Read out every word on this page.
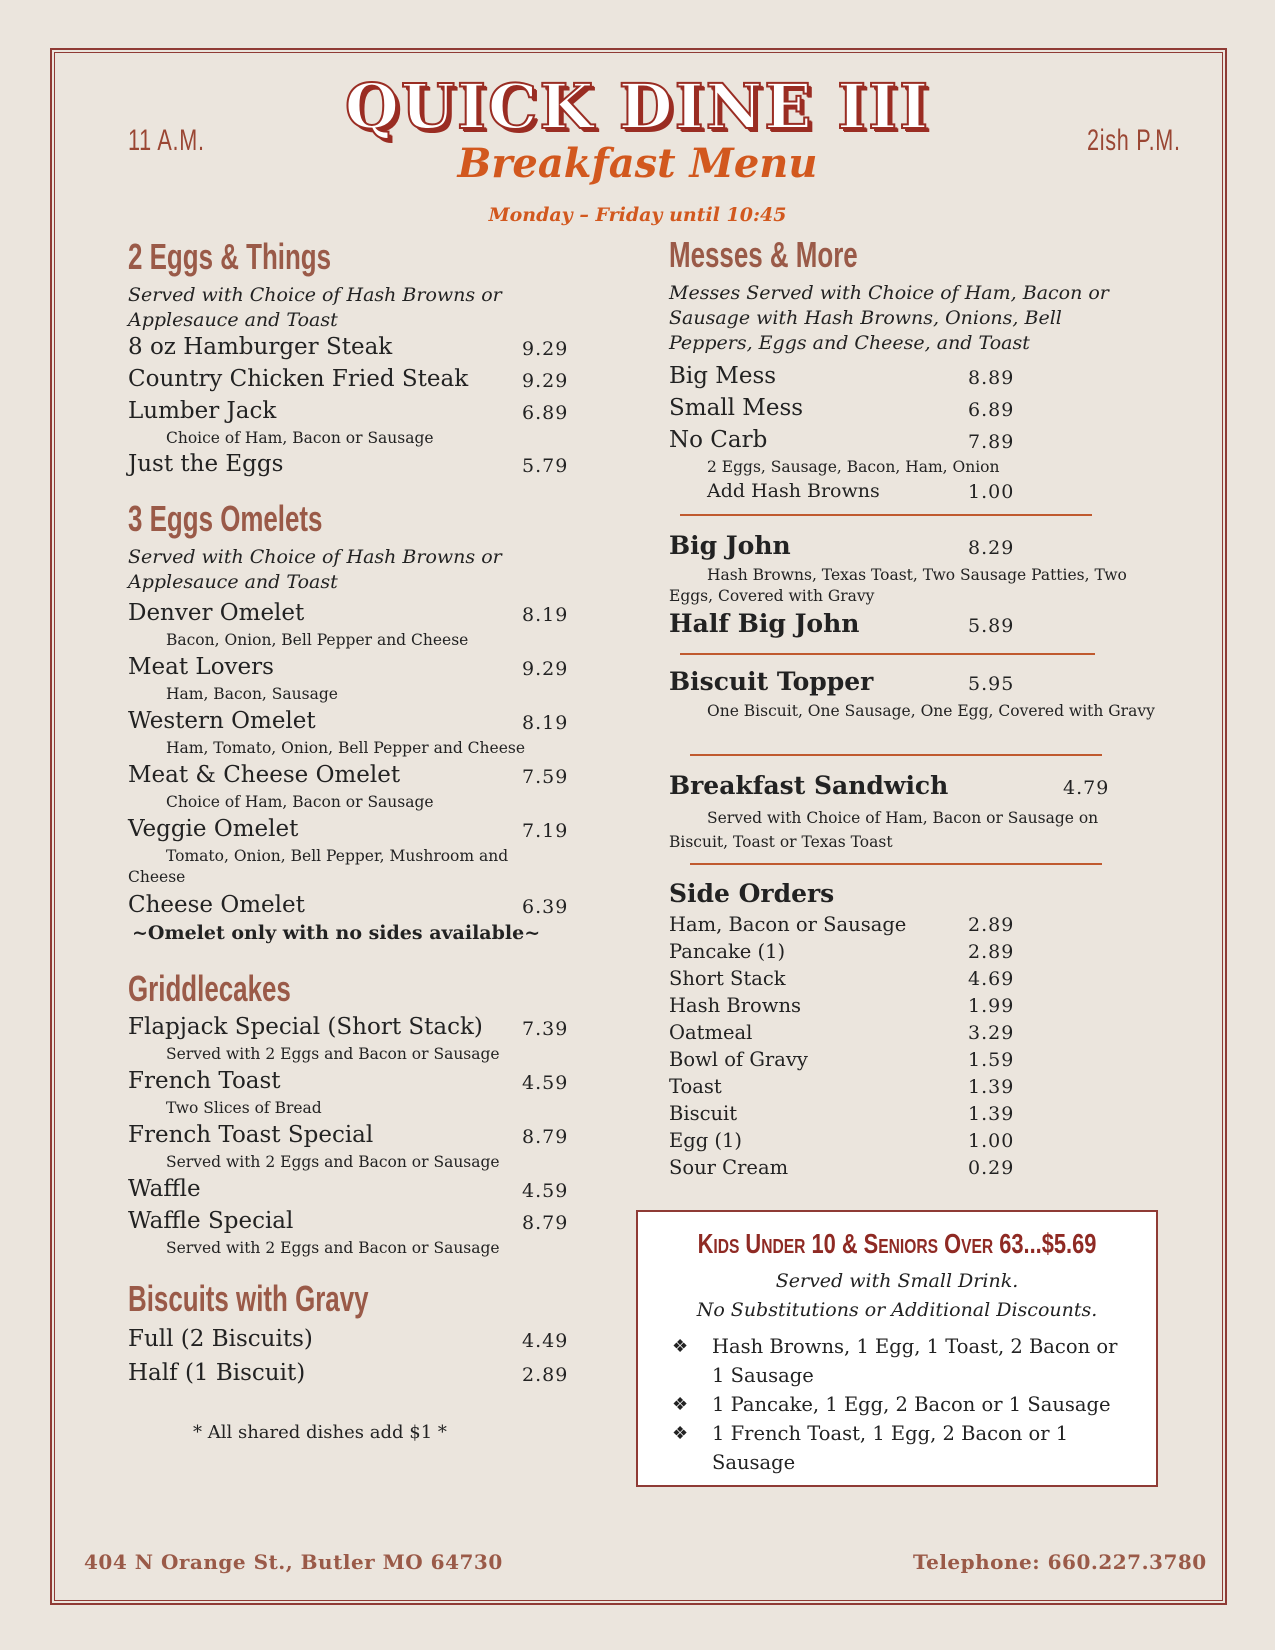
11 A.M.	2ish P.M.
QUICK DINE III
Breakfast Menu
Monday – Friday until 10:45
2 Eggs & Things
Served with Choice of Hash Browns or Applesauce and Toast
8 oz Hamburger Steak	9.29
Country Chicken Fried Steak	9.29
Lumber Jack	6.89
Choice of Ham, Bacon or Sausage
Just the Eggs	5.79
3 Eggs Omelets
Served with Choice of Hash Browns or Applesauce and Toast
Denver Omelet	8.19
Bacon, Onion, Bell Pepper and Cheese
Meat Lovers	9.29
Ham, Bacon, Sausage
Western Omelet	8.19
Ham, Tomato, Onion, Bell Pepper and Cheese
Meat & Cheese Omelet	7.59
Choice of Ham, Bacon or Sausage
Veggie Omelet	7.19
Tomato, Onion, Bell Pepper, Mushroom and Cheese
Cheese Omelet	6.39
~Omelet only with no sides available~
Griddlecakes
Flapjack Special (Short Stack) 7.39
Served with 2 Eggs and Bacon or Sausage
French Toast	4.59
Two Slices of Bread
French Toast Special	8.79
Served with 2 Eggs and Bacon or Sausage
Waffle	4.59
Waffle Special	8.79
Served with 2 Eggs and Bacon or Sausage
Biscuits with Gravy
Full (2 Biscuits)	4.49
Half (1 Biscuit)	2.89
* All shared dishes add $1 *
Messes & More
Messes Served with Choice of Ham, Bacon or Sausage with Hash Browns, Onions, Bell Peppers, Eggs and Cheese, and Toast
Big Mess	8.89
Small Mess	6.89
No Carb	7.89
2 Eggs, Sausage, Bacon, Ham, Onion
Add Hash Browns	1.00
Big John	8.29
Hash Browns, Texas Toast, Two Sausage Patties, Two Eggs, Covered with Gravy
Half Big John	5.89
Biscuit Topper	5.95
One Biscuit, One Sausage, One Egg, Covered with Gravy
Breakfast Sandwich	4.79
Served with Choice of Ham, Bacon or Sausage on Biscuit, Toast or Texas Toast
Side Orders
Ham, Bacon or Sausage	2.89
Pancake (1)	2.89
Short Stack	4.69
Hash Browns	1.99
Oatmeal	3.29
Bowl of Gravy	1.59
Toast	1.39
Biscuit	1.39
Egg (1)	1.00
Sour Cream	0.29
Kids Under 10 & Seniors Over 63...$5.69
Served with Small Drink.
No Substitutions or Additional Discounts.
❖	Hash Browns, 1 Egg, 1 Toast, 2 Bacon or 1 Sausage
❖	1 Pancake, 1 Egg, 2 Bacon or 1 Sausage
❖	1 French Toast, 1 Egg, 2 Bacon or 1 Sausage
404 N Orange St., Butler MO 64730	Telephone: 660.227.3780
